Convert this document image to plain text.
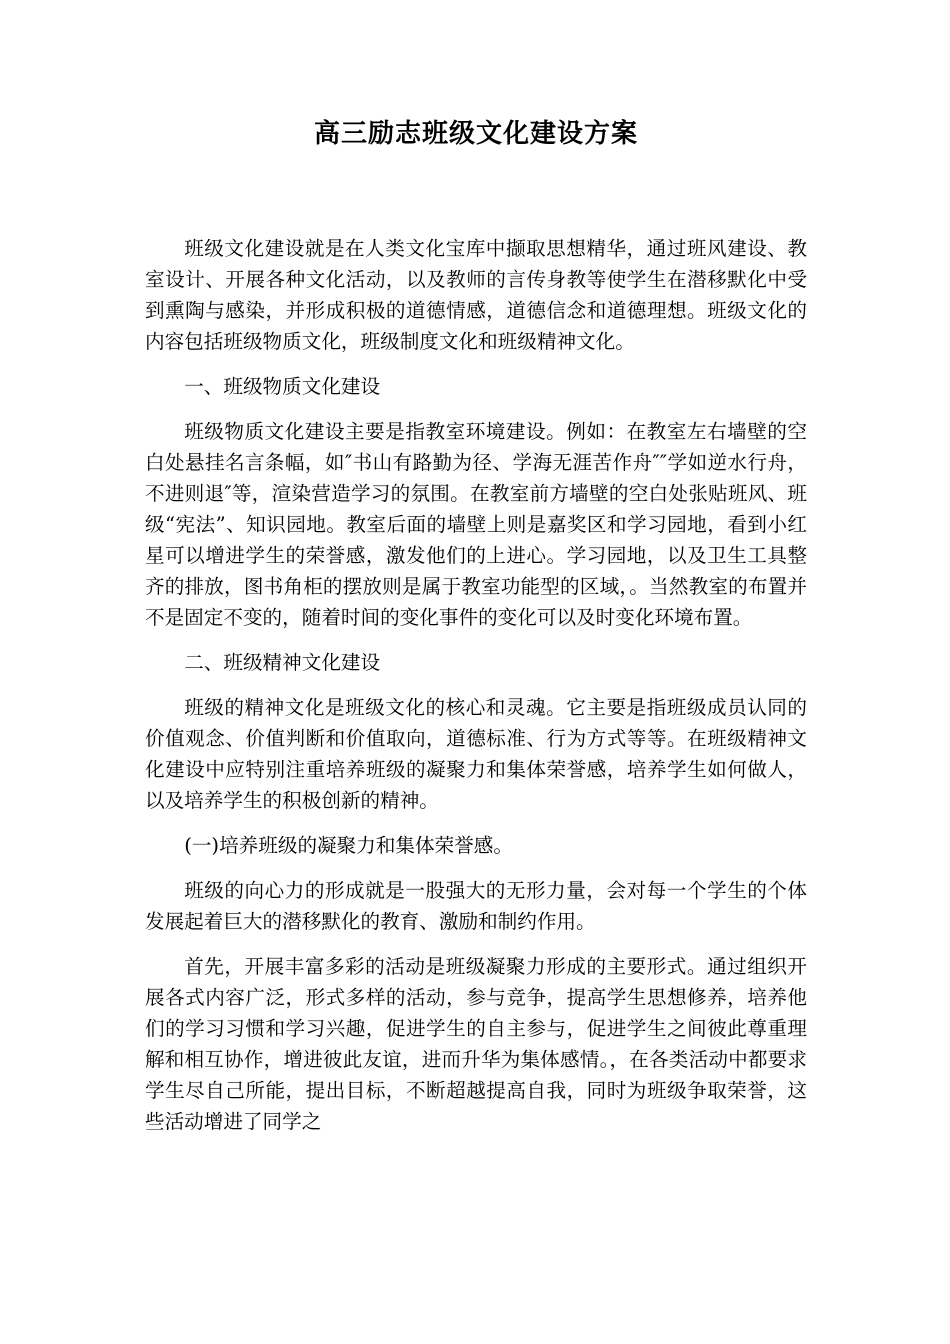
高三励志班级文化建设方案

班级文化建设就是在人类文化宝库中撷取思想精华，通过班风建设、教室设计、开展各种文化活动，以及教师的言传身教等使学生在潜移默化中受到熏陶与感染，并形成积极的道德情感，道德信念和道德理想。班级文化的内容包括班级物质文化，班级制度文化和班级精神文化。

一、班级物质文化建设

班级物质文化建设主要是指教室环境建设。例如：在教室左右墙壁的空白处悬挂名言条幅，如″书山有路勤为径、学海无涯苦作舟″″学如逆水行舟，不进则退″等，渲染营造学习的氛围。在教室前方墙壁的空白处张贴班风、班级“宪法”、知识园地。教室后面的墙壁上则是嘉奖区和学习园地，看到小红星可以增进学生的荣誉感，激发他们的上进心。学习园地，以及卫生工具整齐的排放，图书角柜的摆放则是属于教室功能型的区域，。当然教室的布置并不是固定不变的，随着时间的变化事件的变化可以及时变化环境布置。

二、班级精神文化建设

班级的精神文化是班级文化的核心和灵魂。它主要是指班级成员认同的价值观念、价值判断和价值取向，道德标准、行为方式等等。在班级精神文化建设中应特别注重培养班级的凝聚力和集体荣誉感，培养学生如何做人，以及培养学生的积极创新的精神。

(一)培养班级的凝聚力和集体荣誉感。

班级的向心力的形成就是一股强大的无形力量，会对每一个学生的个体发展起着巨大的潜移默化的教育、激励和制约作用。

首先，开展丰富多彩的活动是班级凝聚力形成的主要形式。通过组织开展各式内容广泛，形式多样的活动，参与竞争，提高学生思想修养，培养他们的学习习惯和学习兴趣，促进学生的自主参与，促进学生之间彼此尊重理解和相互协作，增进彼此友谊，进而升华为集体感情。，在各类活动中都要求学生尽自己所能，提出目标，不断超越提高自我，同时为班级争取荣誉，这些活动增进了同学之
